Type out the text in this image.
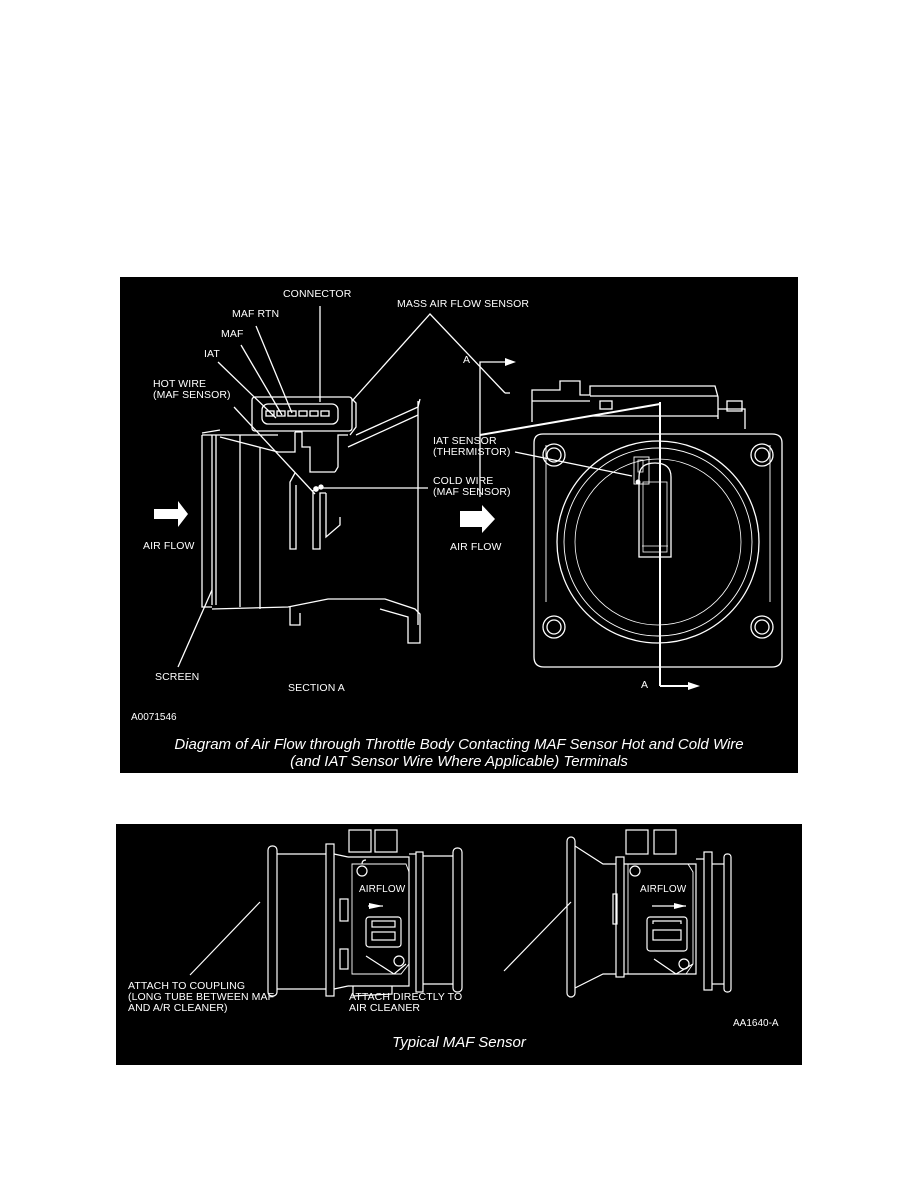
CONNECTOR
MASS AIR FLOW SENSOR
MAF RTN
MAF
IAT
HOT WIRE
(MAF SENSOR)
IAT SENSOR
(THERMISTOR)
COLD WIRE
(MAF SENSOR)
AIR FLOW	AIR FLOW
A
A
SCREEN
SECTION A
A0071546
Diagram of Air Flow through Throttle Body Contacting MAF Sensor Hot and Cold Wire
(and IAT Sensor Wire Where Applicable) Terminals
AIRFLOW	AIRFLOW
ATTACH TO COUPLING
(LONG TUBE BETWEEN MAF
AND A/R CLEANER)
ATTACH DIRECTLY TO
AIR CLEANER
AA1640-A
Typical MAF Sensor
